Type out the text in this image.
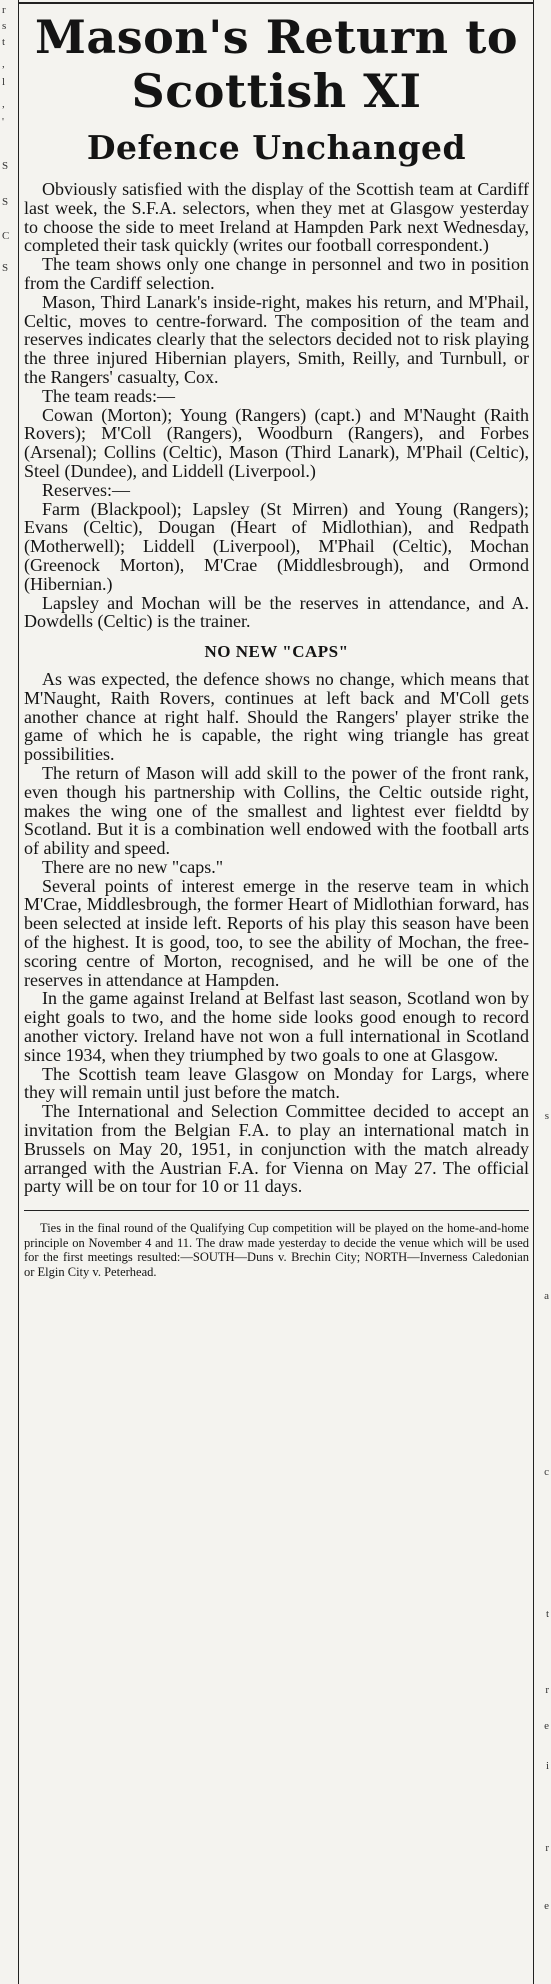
r
s
t
,
l
,
'
S
S
C
S
s
a
c
t
r
e
i
r
e
Mason's Return to Scottish XI
Defence Unchanged

Obviously satisfied with the display of the Scottish team at Cardiff last week, the S.F.A. selectors, when they met at Glasgow yesterday to choose the side to meet Ireland at Hampden Park next Wednesday, completed their task quickly (writes our football correspondent.)

The team shows only one change in personnel and two in position from the Cardiff selection.

Mason, Third Lanark's inside-right, makes his return, and M'Phail, Celtic, moves to centre-forward. The composition of the team and reserves indicates clearly that the selectors decided not to risk playing the three injured Hibernian players, Smith, Reilly, and Turnbull, or the Rangers' casualty, Cox.

The team reads:—

Cowan (Morton); Young (Rangers) (capt.) and M'Naught (Raith Rovers); M'Coll (Rangers), Woodburn (Rangers), and Forbes (Arsenal); Collins (Celtic), Mason (Third Lanark), M'Phail (Celtic), Steel (Dundee), and Liddell (Liverpool.)

Reserves:—

Farm (Blackpool); Lapsley (St Mirren) and Young (Rangers); Evans (Celtic), Dougan (Heart of Midlothian), and Redpath (Motherwell); Liddell (Liverpool), M'Phail (Celtic), Mochan (Greenock Morton), M'Crae (Middlesbrough), and Ormond (Hibernian.)

Lapsley and Mochan will be the reserves in attendance, and A. Dowdells (Celtic) is the trainer.

NO NEW "CAPS"

As was expected, the defence shows no change, which means that M'Naught, Raith Rovers, continues at left back and M'Coll gets another chance at right half. Should the Rangers' player strike the game of which he is capable, the right wing triangle has great possibilities.

The return of Mason will add skill to the power of the front rank, even though his partnership with Collins, the Celtic outside right, makes the wing one of the smallest and lightest ever fieldtd by Scotland. But it is a combination well endowed with the football arts of ability and speed.

There are no new "caps."

Several points of interest emerge in the reserve team in which M'Crae, Middlesbrough, the former Heart of Midlothian forward, has been selected at inside left. Reports of his play this season have been of the highest. It is good, too, to see the ability of Mochan, the free-scoring centre of Morton, recognised, and he will be one of the reserves in attendance at Hampden.

In the game against Ireland at Belfast last season, Scotland won by eight goals to two, and the home side looks good enough to record another victory. Ireland have not won a full international in Scotland since 1934, when they triumphed by two goals to one at Glasgow.

The Scottish team leave Glasgow on Monday for Largs, where they will remain until just before the match.

The International and Selection Committee decided to accept an invitation from the Belgian F.A. to play an international match in Brussels on May 20, 1951, in conjunction with the match already arranged with the Austrian F.A. for Vienna on May 27. The official party will be on tour for 10 or 11 days.

Ties in the final round of the Qualifying Cup competition will be played on the home-and-home principle on November 4 and 11. The draw made yesterday to decide the venue which will be used for the first meetings resulted:—SOUTH—Duns v. Brechin City; NORTH—Inverness Caledonian or Elgin City v. Peterhead.
